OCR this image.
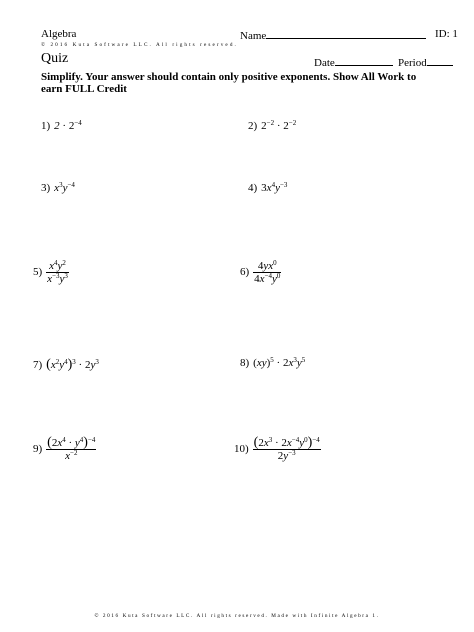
Algebra	Name	ID: 1
© 2016 Kuta Software LLC. All rights reserved.
Quiz	Date	Period
Simplify. Your answer should contain only positive exponents. Show All Work to earn FULL Credit
1) $2 \cdot 2^{-4}$	2) $2^{-2} \cdot 2^{-2}$
3) $x^3y^{-4}$	4) $3x^4y^{-3}$
$5) \frac{x^4y^2}{x^{-3}y^3}$	$6) \frac{4yx^0}{4x^{-4}y^0}$
7) $(x^2y^4)^3 \cdot 2y^3$	8) $(xy)^5 \cdot 2x^3y^5$
$9) \frac{(2x^4 \cdot y^4)^{-4}}{x^{-2}}$	$10) \frac{(2x^3 \cdot 2x^{-4}y^0)^{-4}}{2y^{-3}}$
© 2016 Kuta Software LLC. All rights reserved. Made with Infinite Algebra 1.
